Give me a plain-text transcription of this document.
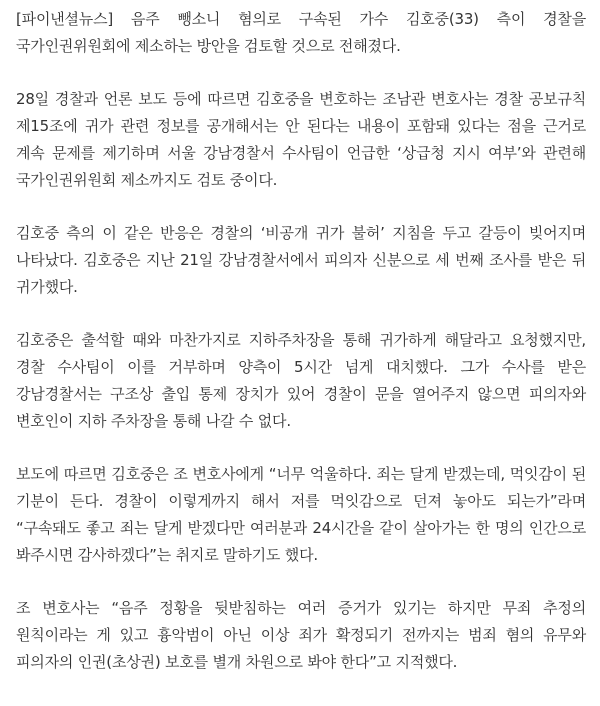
[파이낸셜뉴스] 음주 뺑소니 혐의로 구속된 가수 김호중(33) 측이 경찰을 국가인권위원회에 제소하는 방안을 검토할 것으로 전해졌다.

28일 경찰과 언론 보도 등에 따르면 김호중을 변호하는 조남관 변호사는 경찰 공보규칙 제15조에 귀가 관련 정보를 공개해서는 안 된다는 내용이 포함돼 있다는 점을 근거로 계속 문제를 제기하며 서울 강남경찰서 수사팀이 언급한 ‘상급청 지시 여부’와 관련해 국가인권위원회 제소까지도 검토 중이다.

김호중 측의 이 같은 반응은 경찰의 ‘비공개 귀가 불허’ 지침을 두고 갈등이 빚어지며 나타났다. 김호중은 지난 21일 강남경찰서에서 피의자 신분으로 세 번째 조사를 받은 뒤 귀가했다.

김호중은 출석할 때와 마찬가지로 지하주차장을 통해 귀가하게 해달라고 요청했지만, 경찰 수사팀이 이를 거부하며 양측이 5시간 넘게 대치했다. 그가 수사를 받은 강남경찰서는 구조상 출입 통제 장치가 있어 경찰이 문을 열어주지 않으면 피의자와 변호인이 지하 주차장을 통해 나갈 수 없다.

보도에 따르면 김호중은 조 변호사에게 “너무 억울하다. 죄는 달게 받겠는데, 먹잇감이 된 기분이 든다. 경찰이 이렇게까지 해서 저를 먹잇감으로 던져 놓아도 되는가”라며 “구속돼도 좋고 죄는 달게 받겠다만 여러분과 24시간을 같이 살아가는 한 명의 인간으로 봐주시면 감사하겠다”는 취지로 말하기도 했다.

조 변호사는 “음주 정황을 뒷받침하는 여러 증거가 있기는 하지만 무죄 추정의 원칙이라는 게 있고 흉악범이 아닌 이상 죄가 확정되기 전까지는 범죄 혐의 유무와 피의자의 인권(초상권) 보호를 별개 차원으로 봐야 한다”고 지적했다.
